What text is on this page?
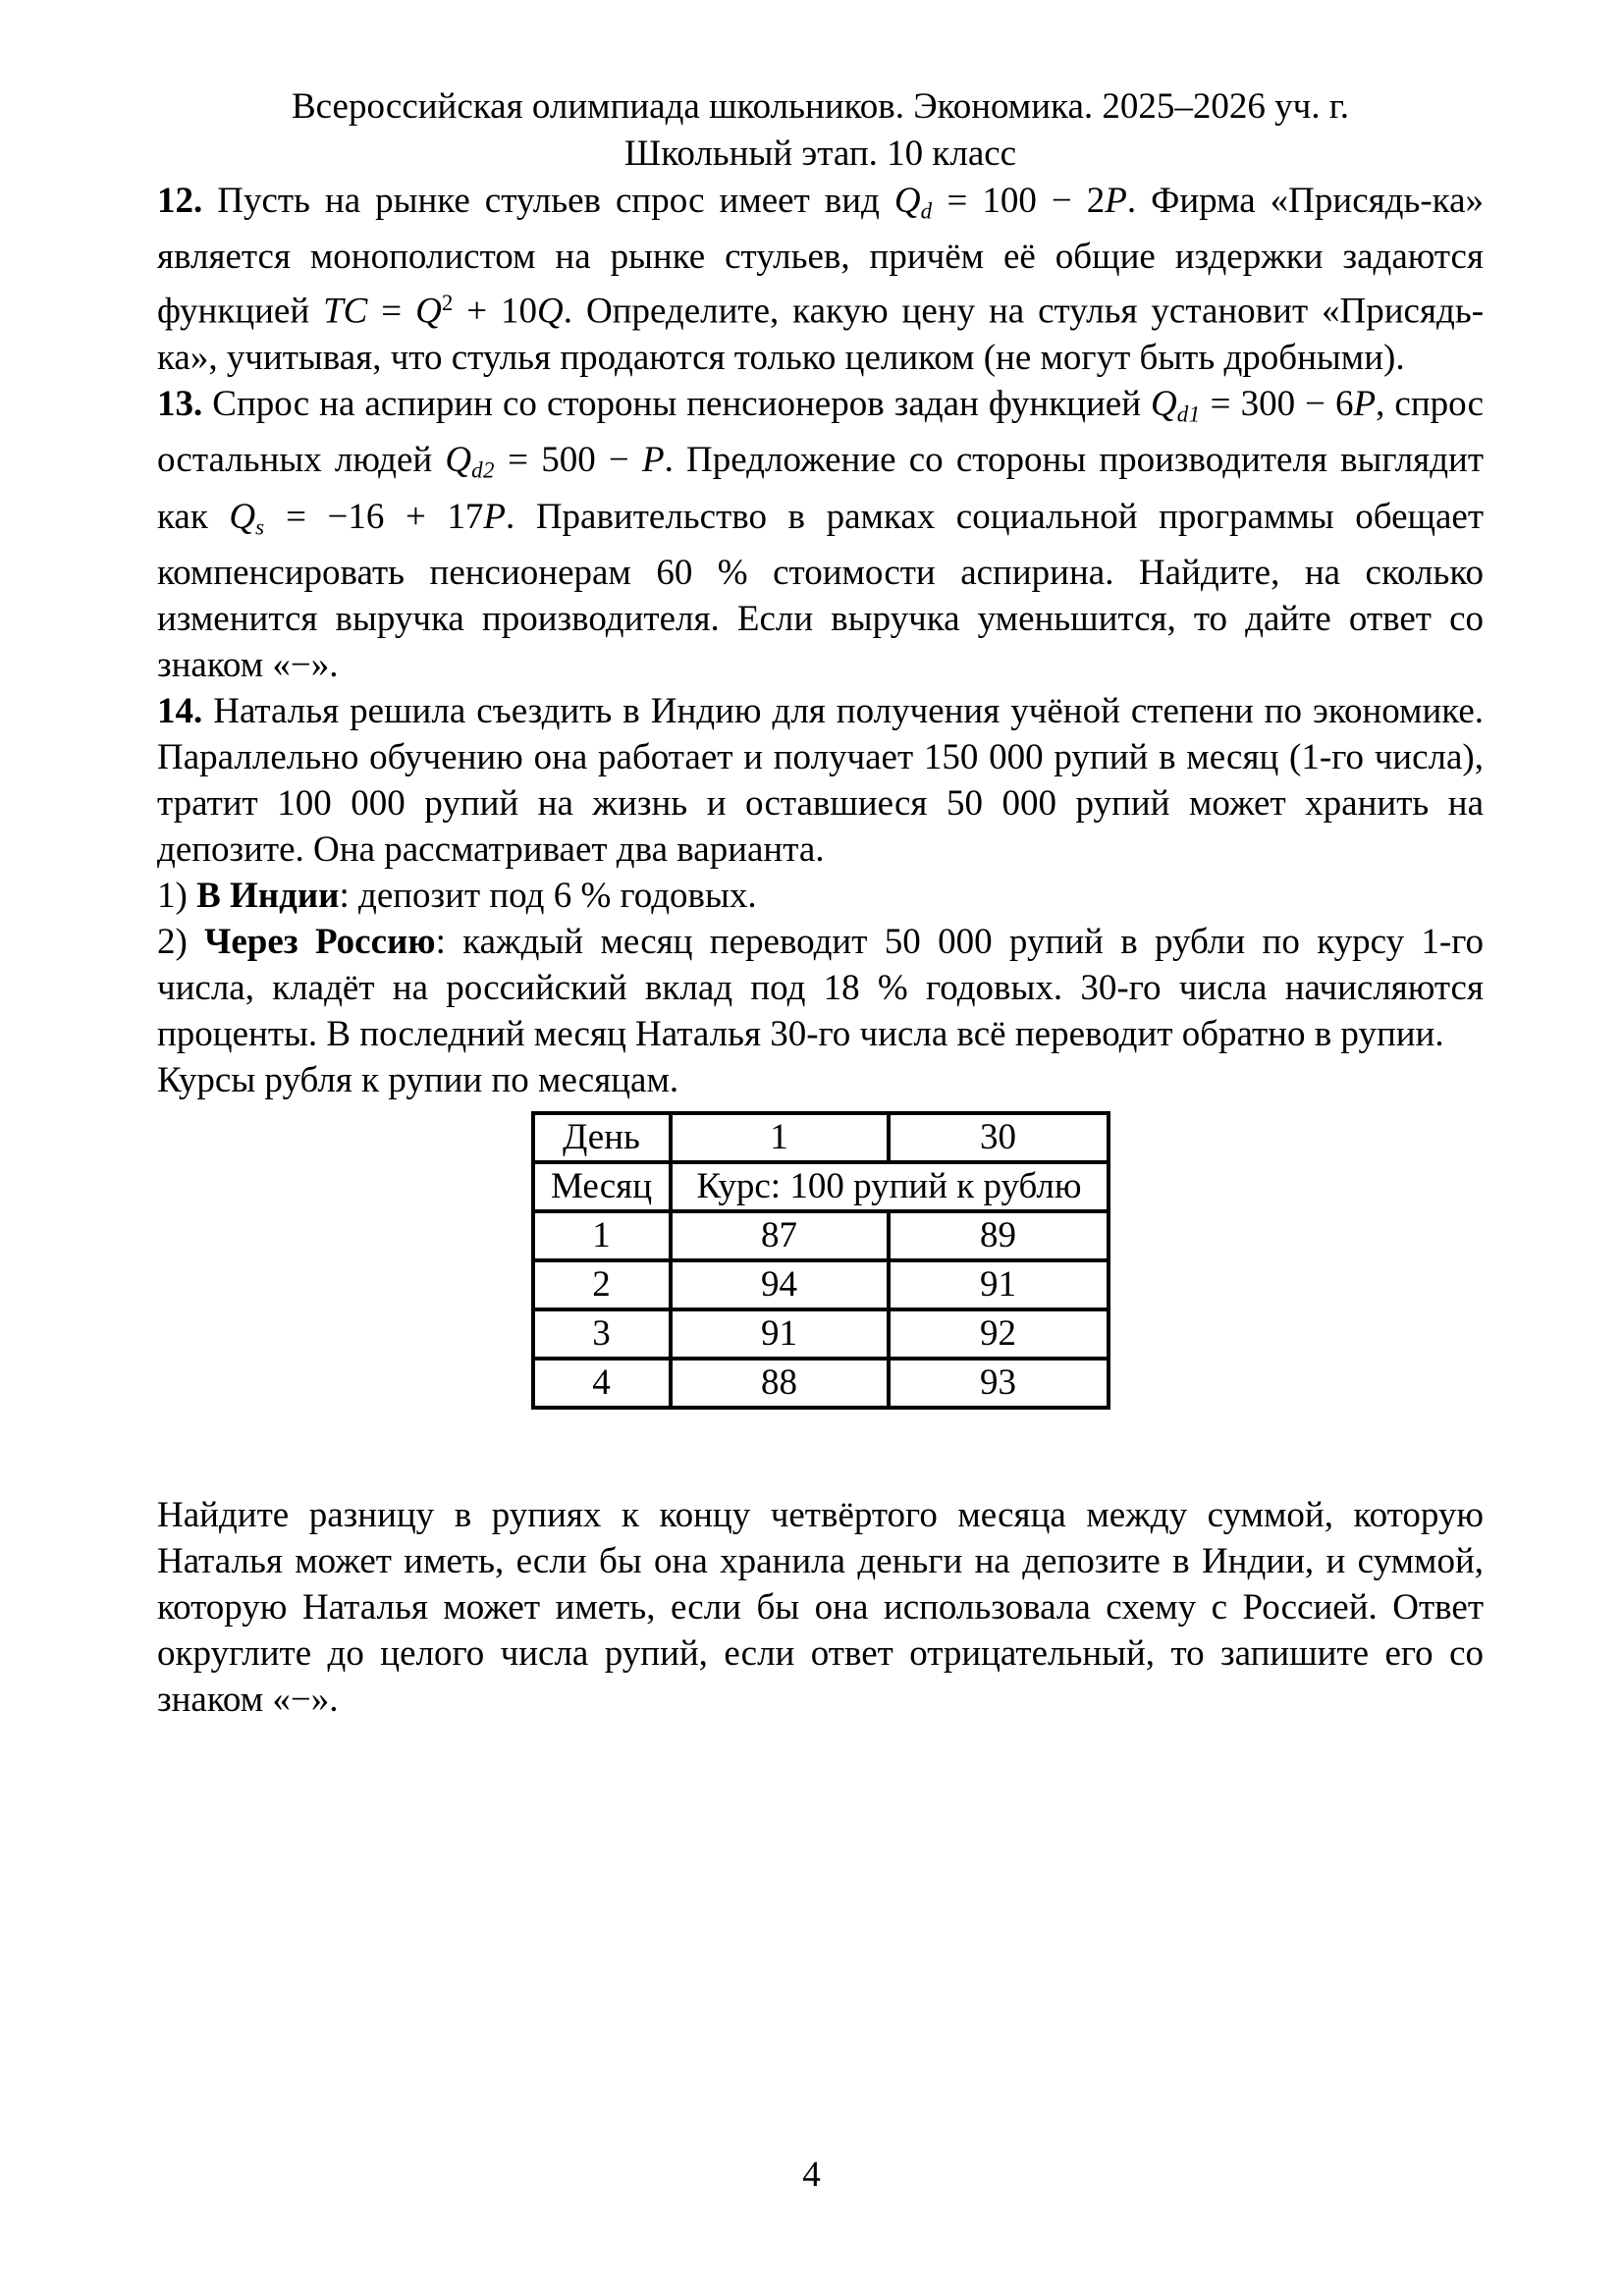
Всероссийская олимпиада школьников. Экономика. 2025–2026 уч. г.
Школьный этап. 10 класс

12. Пусть на рынке стульев спрос имеет вид Qd = 100 − 2P. Фирма «Присядь-ка» является монополистом на рынке стульев, причём её общие издержки задаются функцией TC = $Q^2 + 10Q$. Определите, какую цену на стулья установит «Присядь-ка», учитывая, что стулья продаются только целиком (не могут быть дробными).

13. Спрос на аспирин со стороны пенсионеров задан функцией Qd1 = 300 − 6P, спрос остальных людей Qd2 = 500 − P. Предложение со стороны производителя выглядит как Qs = −16 + 17P. Правительство в рамках социальной программы обещает компенсировать пенсионерам 60 % стоимости аспирина. Найдите, на сколько изменится выручка производителя. Если выручка уменьшится, то дайте ответ со знаком «−».

14. Наталья решила съездить в Индию для получения учёной степени по экономике. Параллельно обучению она работает и получает 150 000 рупий в месяц (1-го числа), тратит 100 000 рупий на жизнь и оставшиеся 50 000 рупий может хранить на депозите. Она рассматривает два варианта.

1) В Индии: депозит под 6 % годовых.

2) Через Россию: каждый месяц переводит 50 000 рупий в рубли по курсу 1-го числа, кладёт на российский вклад под 18 % годовых. 30-го числа начисляются проценты. В последний месяц Наталья 30-го числа всё переводит обратно в рупии.

Курсы рубля к рупии по месяцам.

День	1	30
Месяц	Курс: 100 рупий к рублю	
1	87	89
2	94	91
3	91	92
4	88	93

Найдите разницу в рупиях к концу четвёртого месяца между суммой, которую Наталья может иметь, если бы она хранила деньги на депозите в Индии, и суммой, которую Наталья может иметь, если бы она использовала схему с Россией. Ответ округлите до целого числа рупий, если ответ отрицательный, то запишите его со знаком «−».

4
